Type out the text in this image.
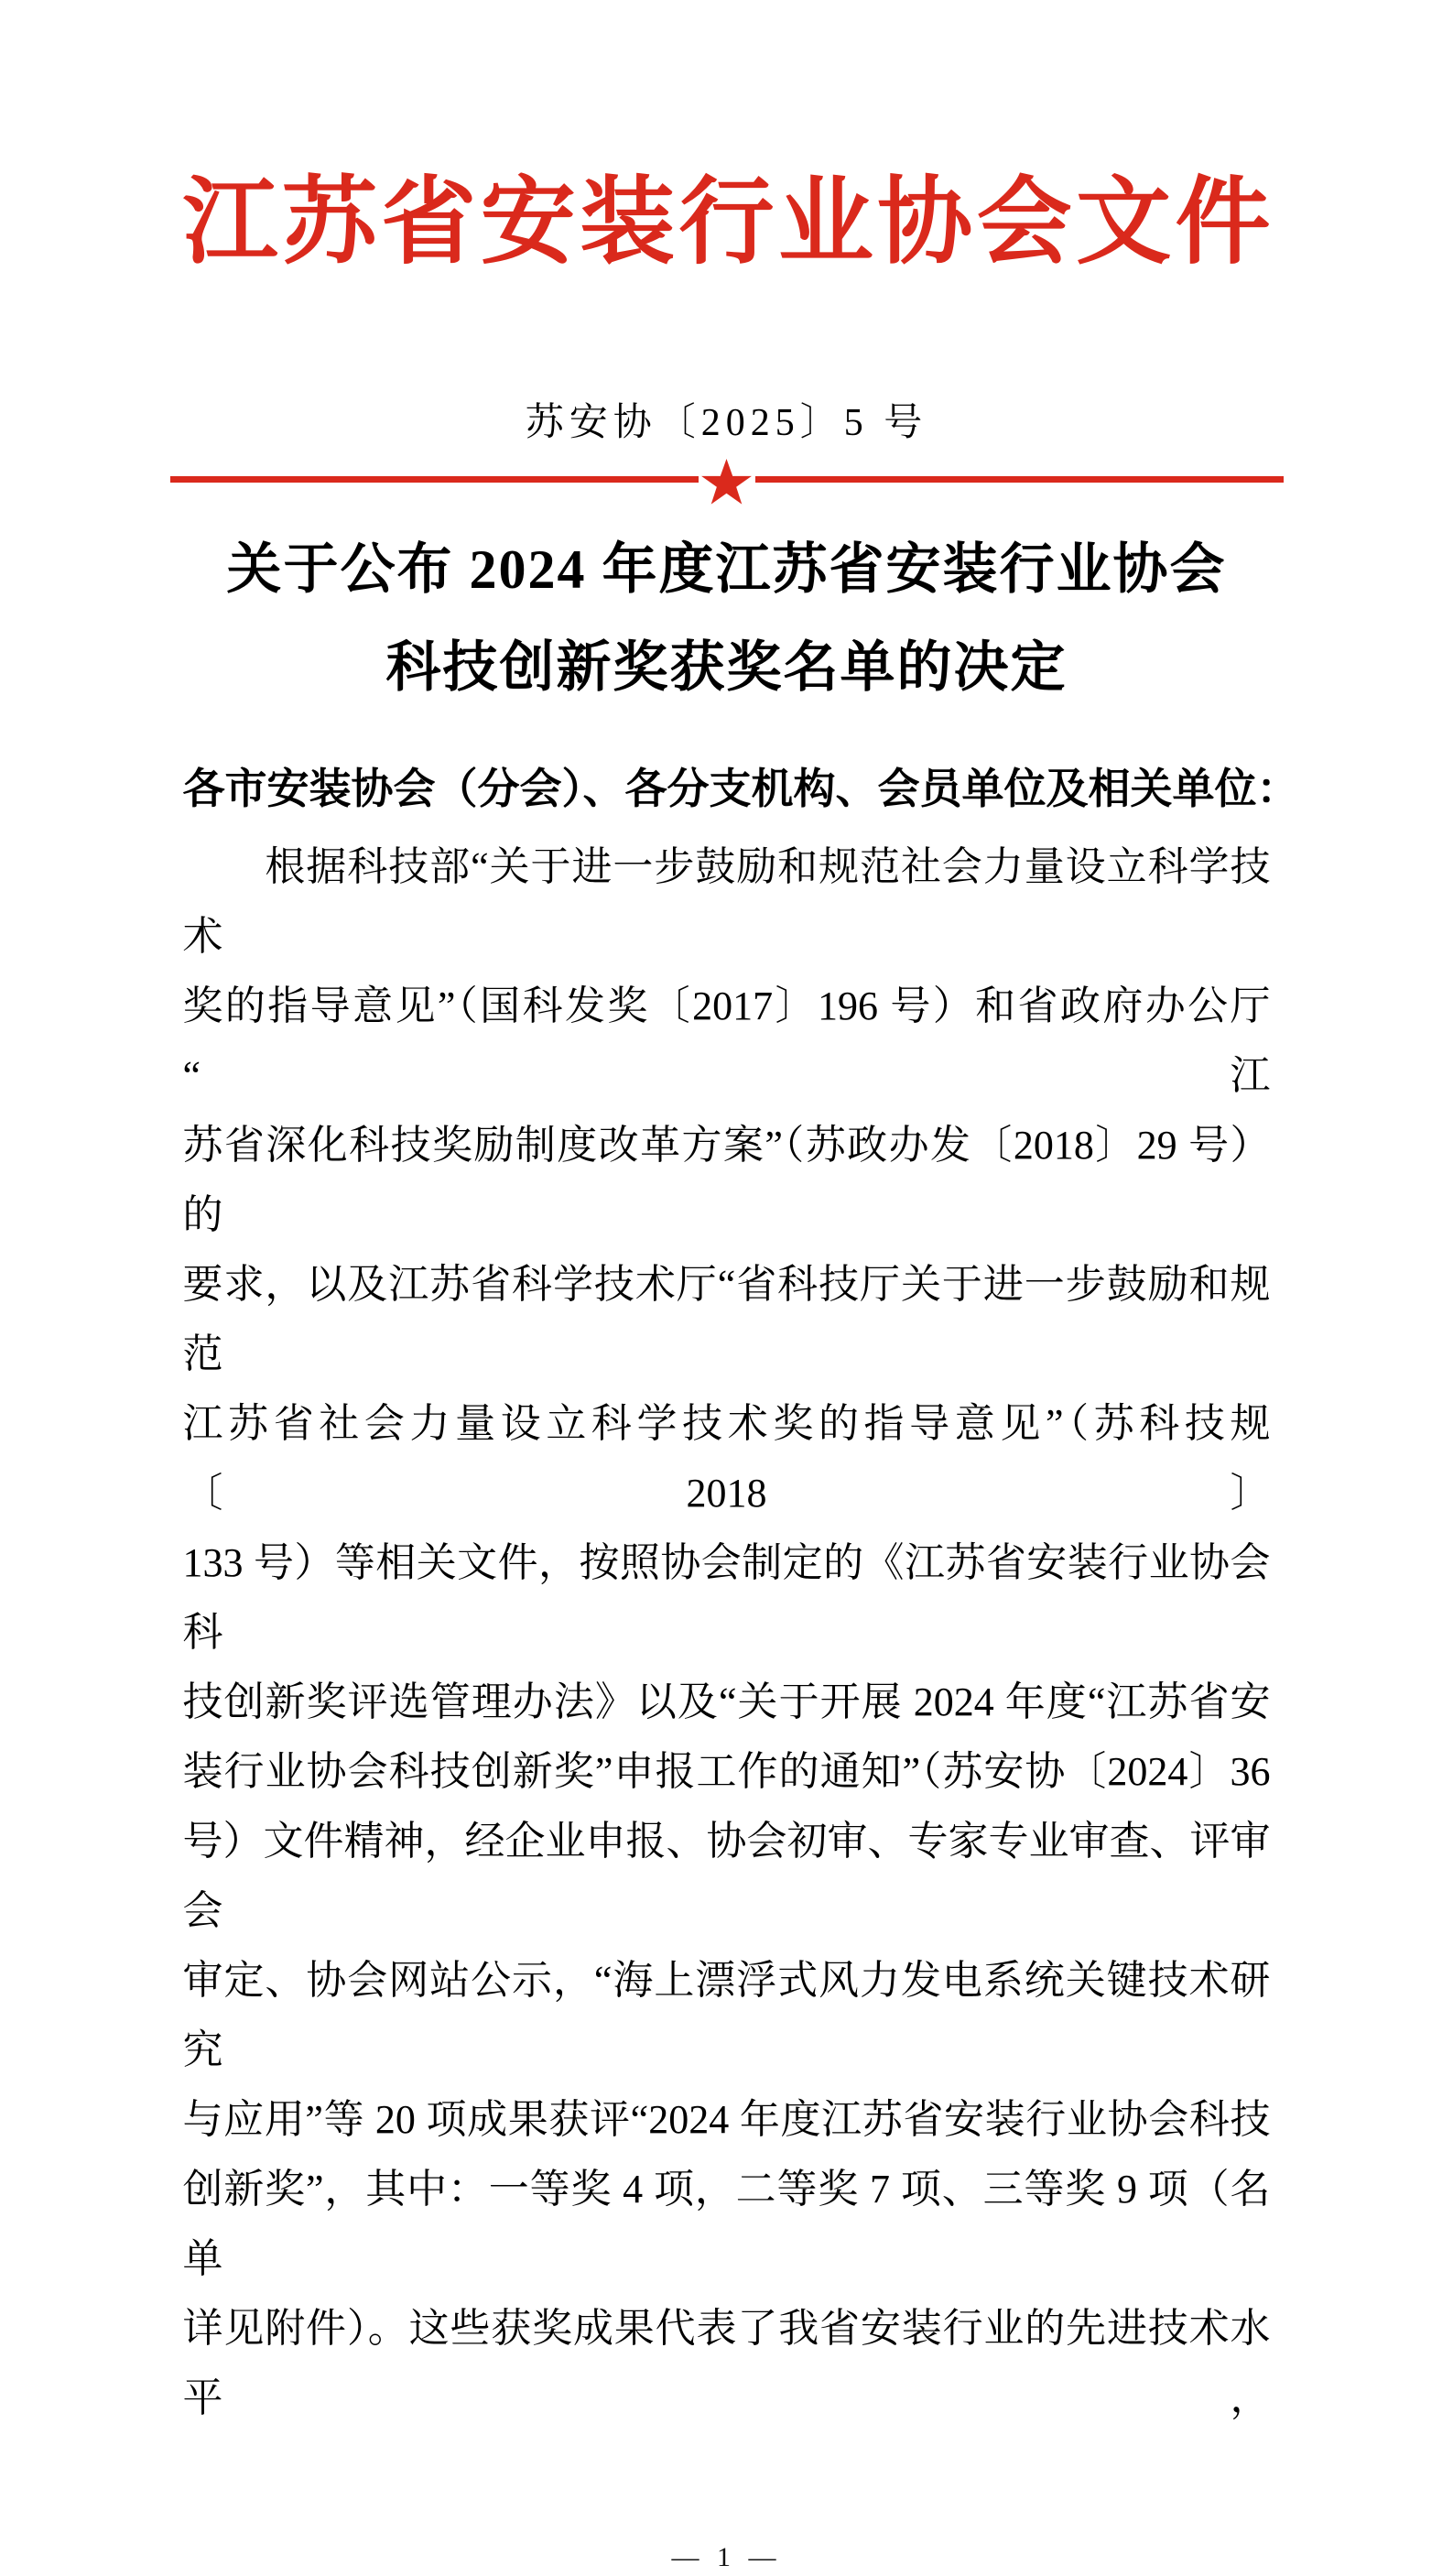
江苏省安装行业协会文件
苏安协〔2025〕5 号
关于公布 2024 年度江苏省安装行业协会
科技创新奖获奖名单的决定
各市安装协会（分会）、各分支机构、会员单位及相关单位：

　　根据科技部“关于进一步鼓励和规范社会力量设立科学技术

奖的指导意见”（国科发奖〔2017〕196 号）和省政府办公厅“江

苏省深化科技奖励制度改革方案”（苏政办发〔2018〕29 号）的

要求，以及江苏省科学技术厅“省科技厅关于进一步鼓励和规范

江苏省社会力量设立科学技术奖的指导意见”（苏科技规〔2018〕

133 号）等相关文件，按照协会制定的《江苏省安装行业协会科

技创新奖评选管理办法》以及“关于开展 2024 年度“江苏省安

装行业协会科技创新奖”申报工作的通知”（苏安协〔2024〕36

号）文件精神，经企业申报、协会初审、专家专业审查、评审会

审定、协会网站公示，“海上漂浮式风力发电系统关键技术研究

与应用”等 20 项成果获评“2024 年度江苏省安装行业协会科技

创新奖”，其中：一等奖 4 项，二等奖 7 项、三等奖 9 项（名单

详见附件）。这些获奖成果代表了我省安装行业的先进技术水平，

— 1 —
